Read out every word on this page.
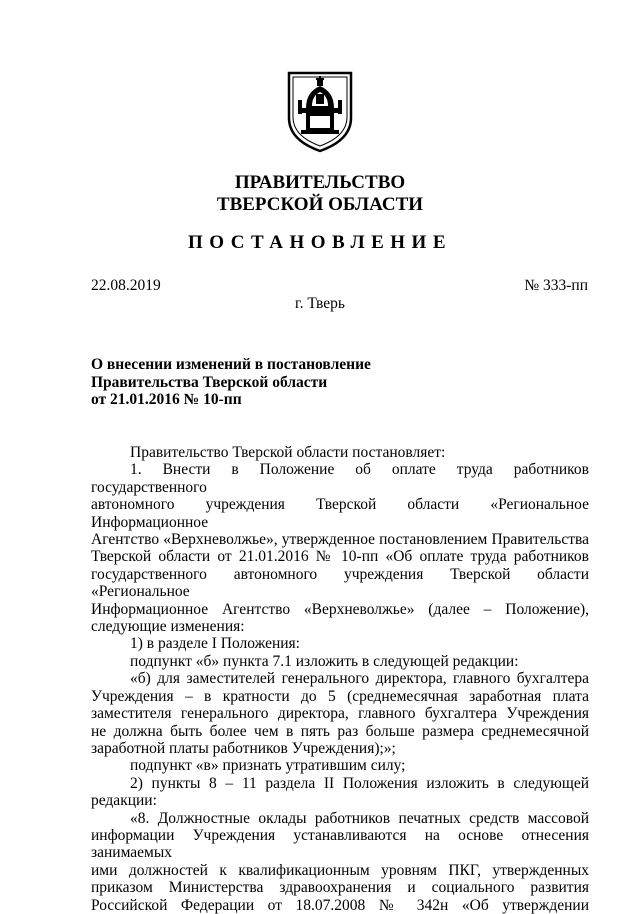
ПРАВИТЕЛЬСТВО
ТВЕРСКОЙ ОБЛАСТИ
ПОСТАНОВЛЕНИЕ
22.08.2019	№ 333-пп
г. Тверь
О внесении изменений в постановление
Правительства Тверской области
от 21.01.2016 № 10-пп

Правительство Тверской области постановляет:

1. Внести в Положение об оплате труда работников государственного

автономного учреждения Тверской области «Региональное Информационное

Агентство «Верхневолжье», утвержденное постановлением Правительства

Тверской области от 21.01.2016 № 10-пп «Об оплате труда работников

государственного автономного учреждения Тверской области «Региональное

Информационное Агентство «Верхневолжье» (далее – Положение),

следующие изменения:

1) в разделе I Положения:

подпункт «б» пункта 7.1 изложить в следующей редакции:

«б) для заместителей генерального директора, главного бухгалтера

Учреждения – в кратности до 5 (среднемесячная заработная плата

заместителя генерального директора, главного бухгалтера Учреждения

не должна быть более чем в пять раз больше размера среднемесячной

заработной платы работников Учреждения);»;

подпункт «в» признать утратившим силу;

2) пункты 8 – 11 раздела II Положения изложить в следующей

редакции:

«8. Должностные оклады работников печатных средств массовой

информации Учреждения устанавливаются на основе отнесения занимаемых

ими должностей к квалификационным уровням ПКГ, утвержденных

приказом Министерства здравоохранения и социального развития

Российской Федерации от 18.07.2008 № 342н «Об утверждении
